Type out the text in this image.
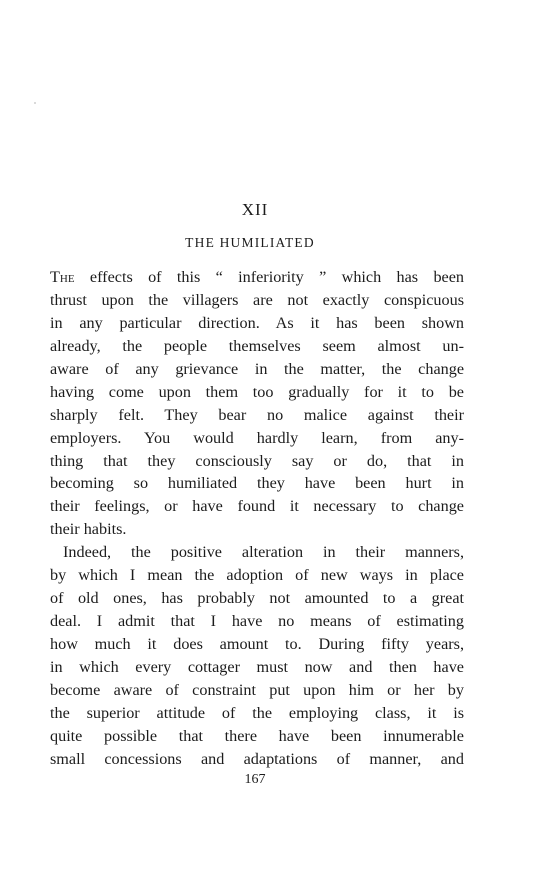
XII
THE HUMILIATED
The effects of this “ inferiority ” which has been
thrust upon the villagers are not exactly conspicuous
in any particular direction. As it has been shown
already, the people themselves seem almost un-
aware of any grievance in the matter, the change
having come upon them too gradually for it to be
sharply felt. They bear no malice against their
employers. You would hardly learn, from any-
thing that they consciously say or do, that in
becoming so humiliated they have been hurt in
their feelings, or have found it necessary to change
their habits.
Indeed, the positive alteration in their manners,
by which I mean the adoption of new ways in place
of old ones, has probably not amounted to a great
deal. I admit that I have no means of estimating
how much it does amount to. During fifty years,
in which every cottager must now and then have
become aware of constraint put upon him or her by
the superior attitude of the employing class, it is
quite possible that there have been innumerable
small concessions and adaptations of manner, and
167
